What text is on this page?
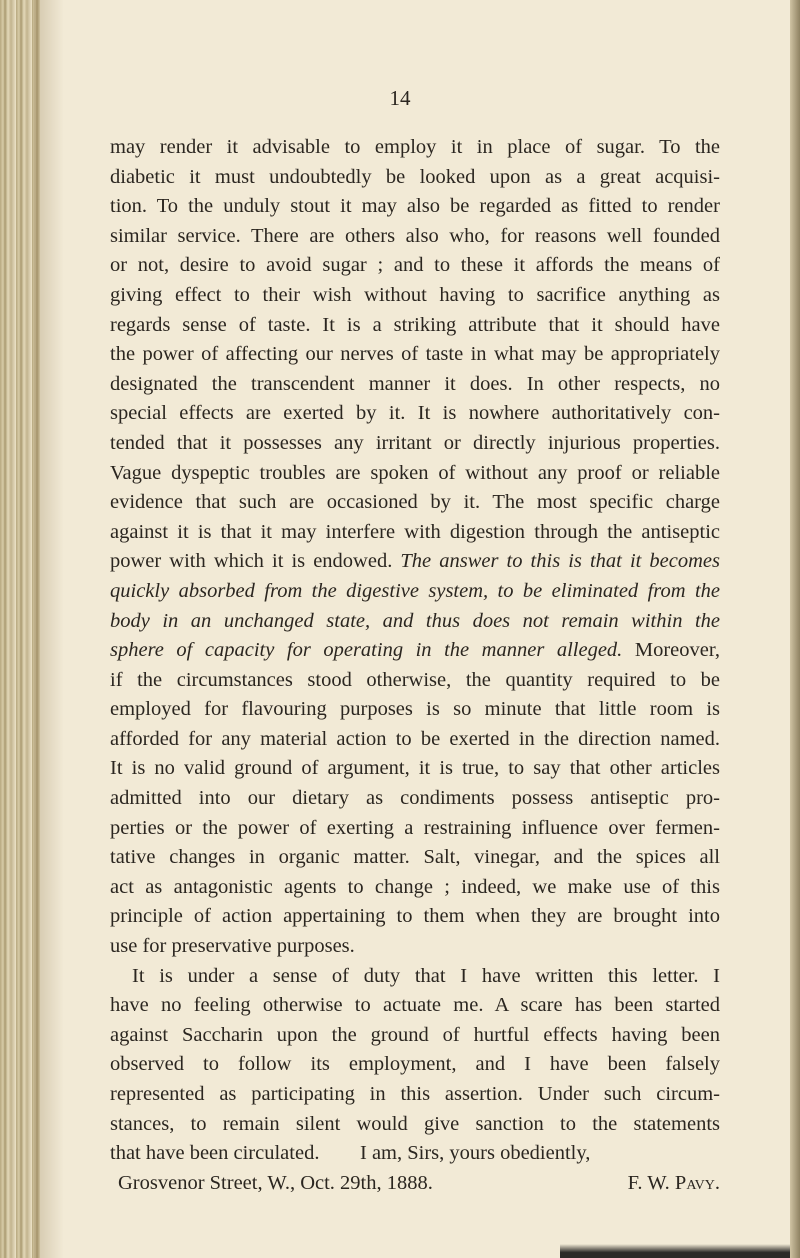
14
may render it advisable to employ it in place of sugar. To the
diabetic it must undoubtedly be looked upon as a great acquisi-
tion. To the unduly stout it may also be regarded as fitted to render
similar service. There are others also who, for reasons well founded
or not, desire to avoid sugar ; and to these it affords the means of
giving effect to their wish without having to sacrifice anything as
regards sense of taste. It is a striking attribute that it should have
the power of affecting our nerves of taste in what may be appropriately
designated the transcendent manner it does. In other respects, no
special effects are exerted by it. It is nowhere authoritatively con-
tended that it possesses any irritant or directly injurious properties.
Vague dyspeptic troubles are spoken of without any proof or reliable
evidence that such are occasioned by it. The most specific charge
against it is that it may interfere with digestion through the antiseptic
power with which it is endowed. The answer to this is that it becomes
quickly absorbed from the digestive system, to be eliminated from the
body in an unchanged state, and thus does not remain within the
sphere of capacity for operating in the manner alleged. Moreover,
if the circumstances stood otherwise, the quantity required to be
employed for flavouring purposes is so minute that little room is
afforded for any material action to be exerted in the direction named.
It is no valid ground of argument, it is true, to say that other articles
admitted into our dietary as condiments possess antiseptic pro-
perties or the power of exerting a restraining influence over fermen-
tative changes in organic matter. Salt, vinegar, and the spices all
act as antagonistic agents to change ; indeed, we make use of this
principle of action appertaining to them when they are brought into
use for preservative purposes.
It is under a sense of duty that I have written this letter. I
have no feeling otherwise to actuate me. A scare has been started
against Saccharin upon the ground of hurtful effects having been
observed to follow its employment, and I have been falsely
represented as participating in this assertion. Under such circum-
stances, to remain silent would give sanction to the statements
that have been circulated.	I am, Sirs, yours obediently,
Grosvenor Street, W., Oct. 29th, 1888.	F. W. Pavy.
